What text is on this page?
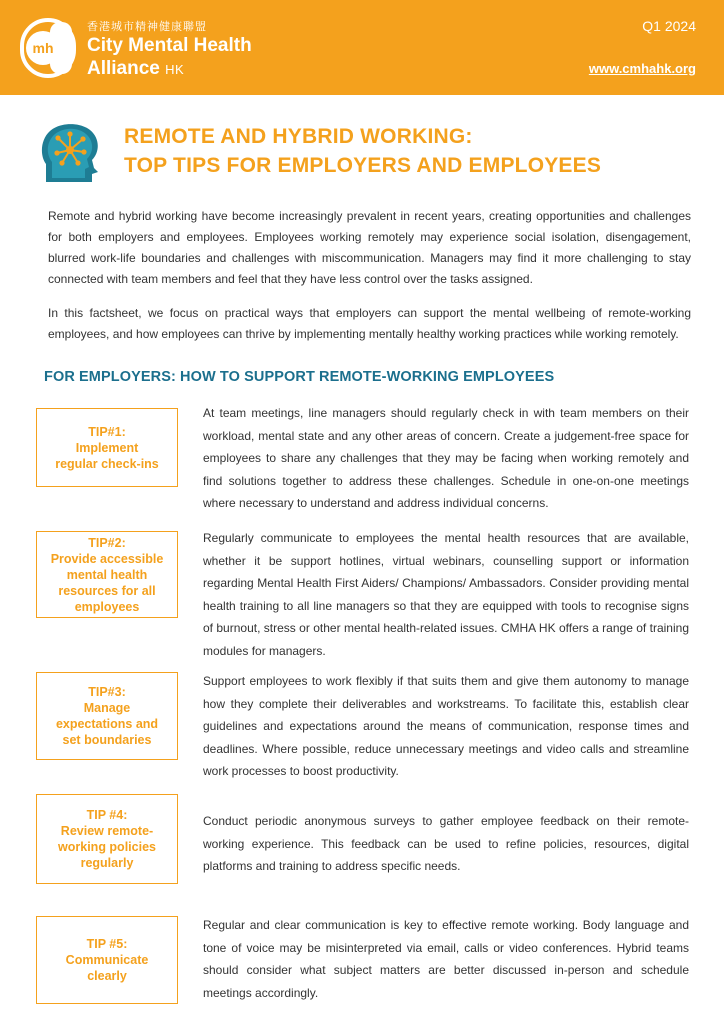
mh
香港城市精神健康聯盟
City Mental Health
Alliance HK
Q1 2024
www.cmhahk.org
REMOTE AND HYBRID WORKING:
TOP TIPS FOR EMPLOYERS AND EMPLOYEES

Remote and hybrid working have become increasingly prevalent in recent years, creating opportunities and challenges for both employers and employees. Employees working remotely may experience social isolation, disengagement, blurred work-life boundaries and challenges with miscommunication. Managers may find it more challenging to stay connected with team members and feel that they have less control over the tasks assigned.

In this factsheet, we focus on practical ways that employers can support the mental wellbeing of remote-working employees, and how employees can thrive by implementing mentally healthy working practices while working remotely.

FOR EMPLOYERS: HOW TO SUPPORT REMOTE-WORKING EMPLOYEES
TIP#1:
Implement regular check-ins

At team meetings, line managers should regularly check in with team members on their workload, mental state and any other areas of concern. Create a judgement-free space for employees to share any challenges that they may be facing when working remotely and find solutions together to address these challenges. Schedule in one-on-one meetings where necessary to understand and address individual concerns.

TIP#2:
Provide accessible mental health resources for all employees

Regularly communicate to employees the mental health resources that are available, whether it be support hotlines, virtual webinars, counselling support or information regarding Mental Health First Aiders/ Champions/ Ambassadors. Consider providing mental health training to all line managers so that they are equipped with tools to recognise signs of burnout, stress or other mental health-related issues. CMHA HK offers a range of training modules for managers.

TIP#3:
Manage expectations and set boundaries

Support employees to work flexibly if that suits them and give them autonomy to manage how they complete their deliverables and workstreams. To facilitate this, establish clear guidelines and expectations around the means of communication, response times and deadlines. Where possible, reduce unnecessary meetings and video calls and streamline work processes to boost productivity.

TIP #4:
Review remote-working policies regularly

Conduct periodic anonymous surveys to gather employee feedback on their remote-working experience. This feedback can be used to refine policies, resources, digital platforms and training to address specific needs.

TIP #5:
Communicate clearly

Regular and clear communication is key to effective remote working. Body language and tone of voice may be misinterpreted via email, calls or video conferences. Hybrid teams should consider what subject matters are better discussed in-person and schedule meetings accordingly.
